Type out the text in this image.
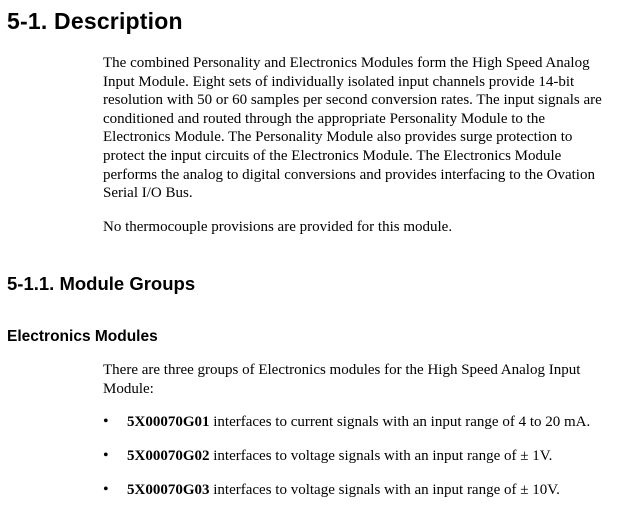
5-1. Description
The combined Personality and Electronics Modules form the High Speed Analog
Input Module. Eight sets of individually isolated input channels provide 14-bit
resolution with 50 or 60 samples per second conversion rates. The input signals are
conditioned and routed through the appropriate Personality Module to the
Electronics Module. The Personality Module also provides surge protection to
protect the input circuits of the Electronics Module. The Electronics Module
performs the analog to digital conversions and provides interfacing to the Ovation
Serial I/O Bus.
No thermocouple provisions are provided for this module.
5-1.1. Module Groups
Electronics Modules
There are three groups of Electronics modules for the High Speed Analog Input
Module:
• 5X00070G01 interfaces to current signals with an input range of 4 to 20 mA.
• 5X00070G02 interfaces to voltage signals with an input range of ± 1V.
• 5X00070G03 interfaces to voltage signals with an input range of ± 10V.
